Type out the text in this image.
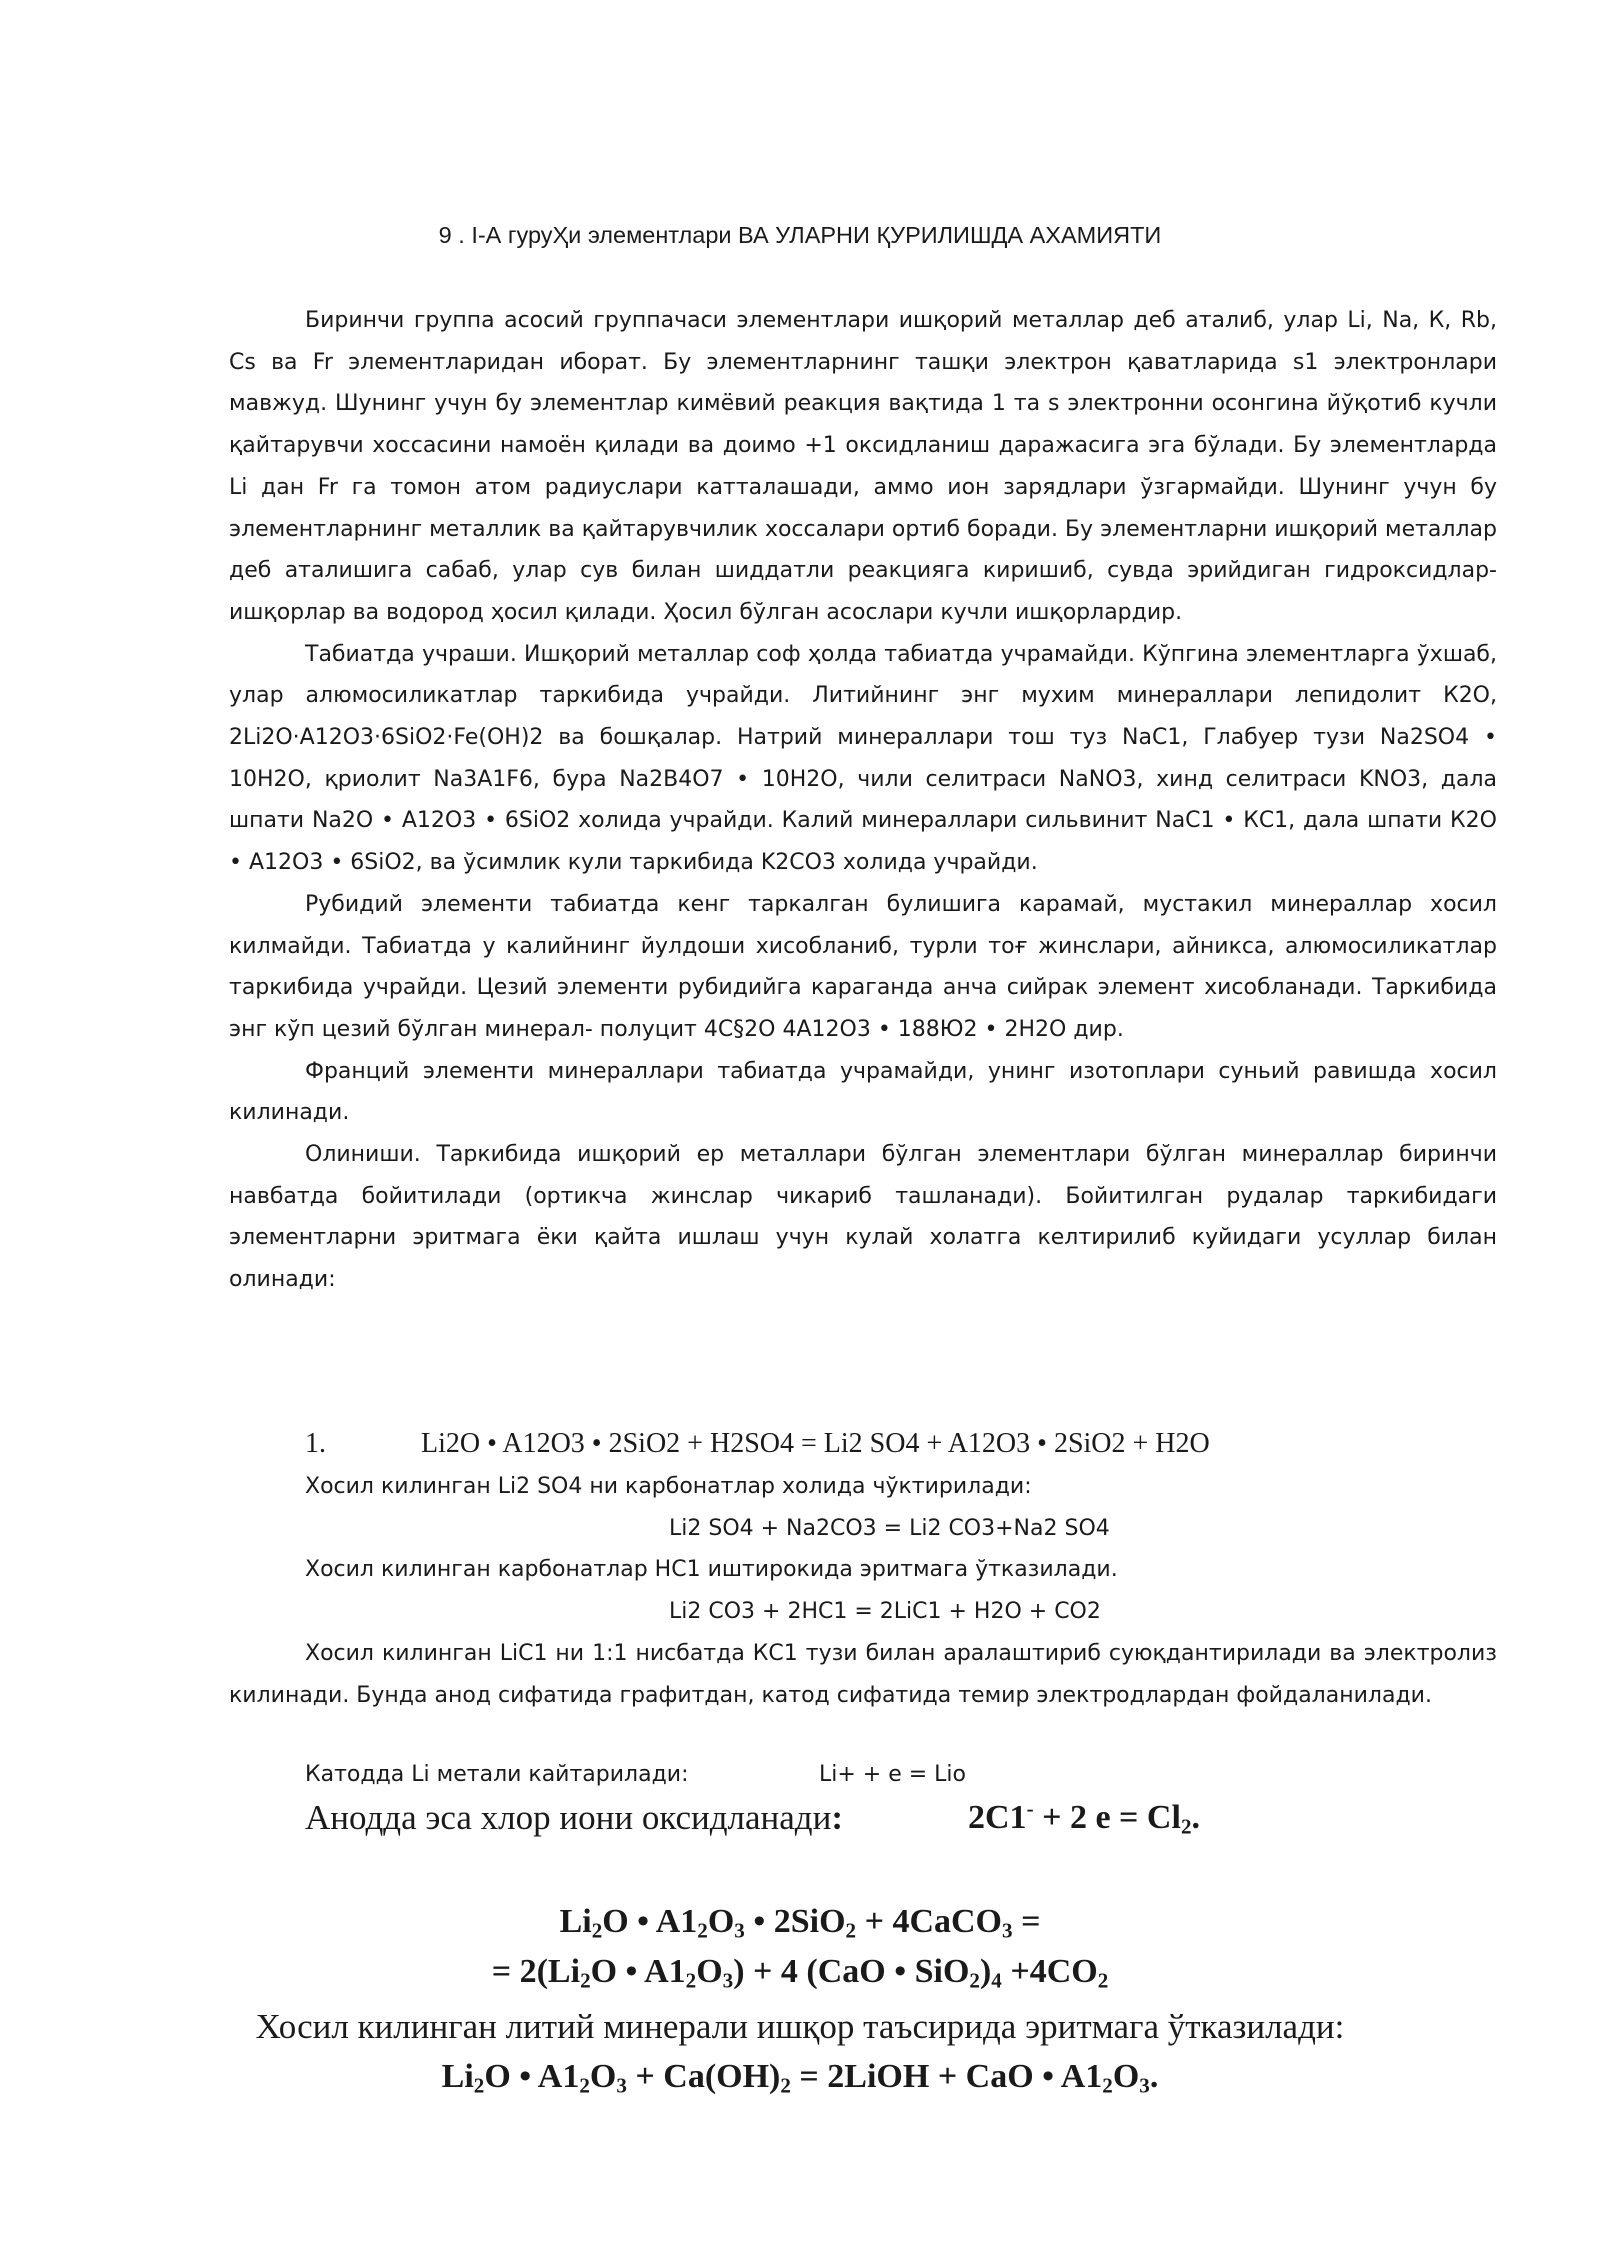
9 . I-А гуруҲи элементлари ВА УЛАРНИ ҚУРИЛИШДА АХАМИЯТИ

Биринчи группа асосий группачаси элементлари ишқорий металлар деб аталиб, улар Li, Na, К, Rb, Cs ва Fr элементларидан иборат. Бу элементларнинг ташқи электрон қаватларида s1 электронлари мавжуд. Шунинг учун бу элементлар кимёвий реакция вақтида 1 та s электронни осонгина йўқотиб кучли қайтарувчи хоссасини намоён қилади ва доимо +1 оксидланиш даражасига эга бўлади. Бу элементларда Li дан Fr га томон атом радиуслари катталашади, аммо ион зарядлари ўзгармайди. Шунинг учун бу элементларнинг металлик ва қайтарувчилик хоссалари ортиб боради. Бу элементларни ишқорий металлар деб аталишига сабаб, улар сув билан шиддатли реакцияга киришиб, сувда эрийдиган гидроксидлар-ишқорлар ва водород ҳосил қилади. Ҳосил бўлган асослари кучли ишқорлардир.

Табиатда учраши. Ишқорий металлар соф ҳолда табиатда учрамайди. Кўпгина элементларга ўхшаб, улар алюмосиликатлар таркибида учрайди. Литийнинг энг мухим минераллари лепидолит К2О, 2Li2O·A12O3·6SiO2·Fe(OH)2 ва бошқалар. Натрий минераллари тош туз NaC1, Глабуер тузи Na2SO4 • 10H2O, қриолит Na3A1F6, бура Na2B4O7 • 10H2O, чили селитраси NaNO3, хинд селитраси KNO3, дала шпати Na2O • A12O3 • 6SiO2 холида учрайди. Калий минераллари сильвинит NaC1 • КС1, дала шпати К2О • A12O3 • 6SiO2, ва ўсимлик кули таркибида K2CO3 холида учрайди.

Рубидий элементи табиатда кенг таркалган булишига карамай, мустакил минераллар хосил килмайди. Табиатда у калийнинг йулдоши хисобланиб, турли тоғ жинслари, айникса, алюмосиликатлар таркибида учрайди. Цезий элементи рубидийга караганда анча сийрак элемент хисобланади. Таркибида энг кўп цезий бўлган минерал- полуцит 4C§2O 4A12O3 • 188Ю2 • 2H2O дир.

Франций элементи минераллари табиатда учрамайди, унинг изотоплари суньий равишда хосил килинади.

Олиниши. Таркибида ишқорий ер металлари бўлган элементлари бўлган минераллар биринчи навбатда бойитилади (ортикча жинслар чикариб ташланади). Бойитилган рудалар таркибидаги элементларни эритмага ёки қайта ишлаш учун кулай холатга келтирилиб куйидаги усуллар билан олинади:

1.	Li2O • A12O3 • 2SiO2 + H2SO4 = Li2 SO4 + A12O3 • 2SiO2 + H2O

Хосил килинган Li2 SO4 ни карбонатлар холида чўктирилади:

Li2 SO4 + Na2CO3 = Li2 CO3+Na2 SO4

Хосил килинган карбонатлар HC1 иштирокида эритмага ўтказилади.

Li2 CO3 + 2HC1 = 2LiC1 + H2O + CO2

Хосил килинган LiC1 ни 1:1 нисбатда КС1 тузи билан аралаштириб суюқдантирилади ва электролиз килинади. Бунда анод сифатида графитдан, катод сифатида темир электродлардан фойдаланилади.

Катодда Li метали кайтарилади:	Li+ + e = Lio
Анодда эса хлор иони оксидланади:	2C1- + 2 $e = Cl_2$.
$Li_2O$ • $A1_2O_3$ • 2SiO$_2$ + 4CaCO$_3$ =
= $2(Li_2O$ • $A1_2O_3) + 4$ (CaO • $SiO_2)_4 +4CO_2$
Хосил килинган литий минерали ишқор таъсирида эритмага ўтказилади:
$Li_2O$ • $A1_2O_3 + Ca(OH)_2$ = 2LiOH + CaO • $A1_2O_3$.
